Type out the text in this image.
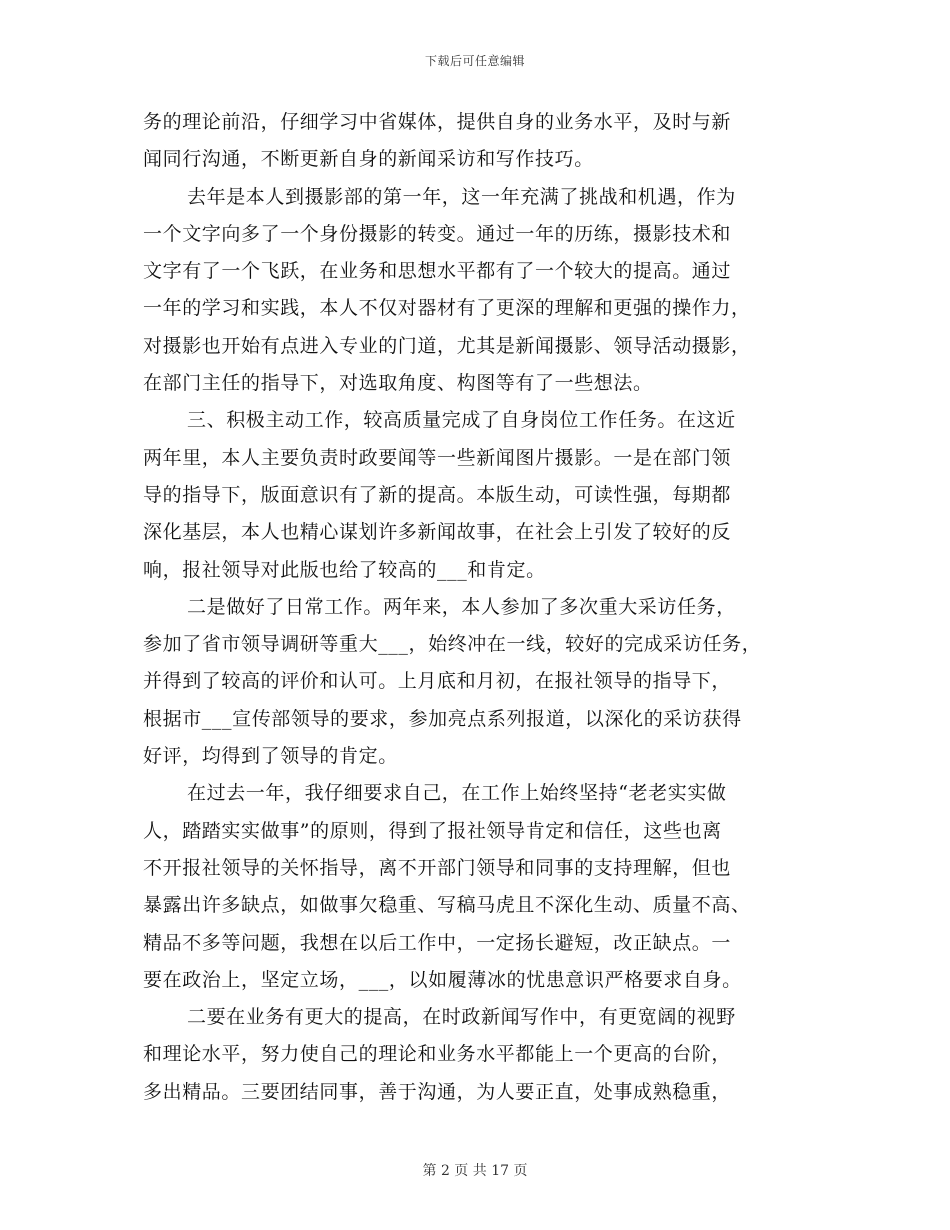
下载后可任意编辑
务的理论前沿，仔细学习中省媒体，提供自身的业务水平，及时与新
闻同行沟通，不断更新自身的新闻采访和写作技巧。
去年是本人到摄影部的第一年，这一年充满了挑战和机遇，作为
一个文字向多了一个身份摄影的转变。通过一年的历练，摄影技术和
文字有了一个飞跃，在业务和思想水平都有了一个较大的提高。通过
一年的学习和实践，本人不仅对器材有了更深的理解和更强的操作力，
对摄影也开始有点进入专业的门道，尤其是新闻摄影、领导活动摄影，
在部门主任的指导下，对选取角度、构图等有了一些想法。
三、积极主动工作，较高质量完成了自身岗位工作任务。在这近
两年里，本人主要负责时政要闻等一些新闻图片摄影。一是在部门领
导的指导下，版面意识有了新的提高。本版生动，可读性强，每期都
深化基层，本人也精心谋划许多新闻故事，在社会上引发了较好的反
响，报社领导对此版也给了较高的___和肯定。
二是做好了日常工作。两年来，本人参加了多次重大采访任务，
参加了省市领导调研等重大___，始终冲在一线，较好的完成采访任务，
并得到了较高的评价和认可。上月底和月初，在报社领导的指导下，
根据市___宣传部领导的要求，参加亮点系列报道，以深化的采访获得
好评，均得到了领导的肯定。
在过去一年，我仔细要求自己，在工作上始终坚持“老老实实做
人，踏踏实实做事”的原则，得到了报社领导肯定和信任，这些也离
不开报社领导的关怀指导，离不开部门领导和同事的支持理解，但也
暴露出许多缺点，如做事欠稳重、写稿马虎且不深化生动、质量不高、
精品不多等问题，我想在以后工作中，一定扬长避短，改正缺点。一
要在政治上，坚定立场，___，以如履薄冰的忧患意识严格要求自身。
二要在业务有更大的提高，在时政新闻写作中，有更宽阔的视野
和理论水平，努力使自己的理论和业务水平都能上一个更高的台阶，
多出精品。三要团结同事，善于沟通，为人要正直，处事成熟稳重，
第 2 页 共 17 页
